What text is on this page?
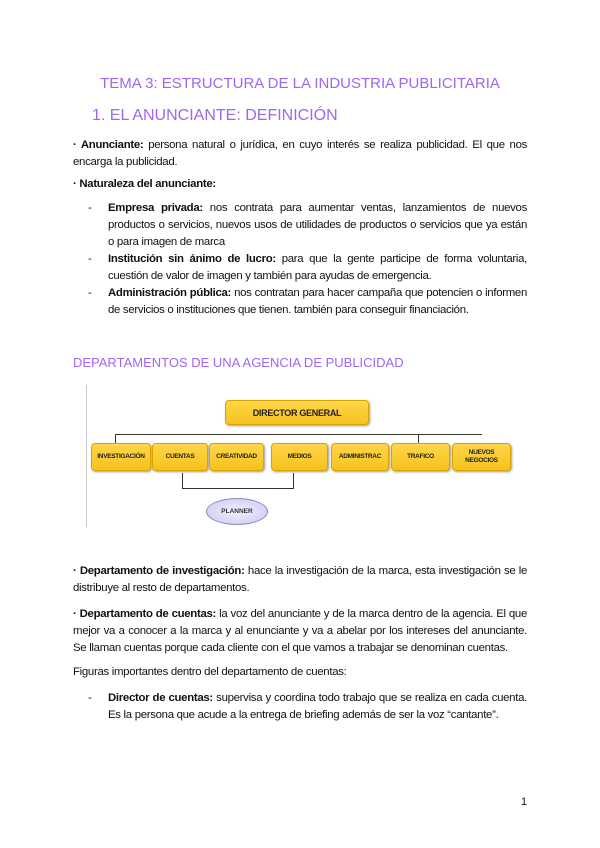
TEMA 3: ESTRUCTURA DE LA INDUSTRIA PUBLICITARIA
1. EL ANUNCIANTE: DEFINICIÓN
· Anunciante: persona natural o jurídica, en cuyo interés se realiza publicidad. El que nos encarga la publicidad.
· Naturaleza del anunciante:
- Empresa privada: nos contrata para aumentar ventas, lanzamientos de nuevos productos o servicios, nuevos usos de utilidades de productos o servicios que ya están o para imagen de marca
- Institución sin ánimo de lucro: para que la gente participe de forma voluntaria, cuestión de valor de imagen y también para ayudas de emergencia.
- Administración pública: nos contratan para hacer campaña que potencien o informen de servicios o instituciones que tienen. también para conseguir financiación.
DEPARTAMENTOS DE UNA AGENCIA DE PUBLICIDAD
DIRECTOR GENERAL
INVESTIGACIÓN	CUENTAS	CREATIVIDAD	MEDIOS	ADMINISTRAC	TRAFICO
NUEVOS NEGOCIOS
PLANNER
· Departamento de investigación: hace la investigación de la marca, esta investigación se le distribuye al resto de departamentos.
· Departamento de cuentas: la voz del anunciante y de la marca dentro de la agencia. El que mejor va a conocer a la marca y al enunciante y va a abelar por los intereses del anunciante. Se llaman cuentas porque cada cliente con el que vamos a trabajar se denominan cuentas.
Figuras importantes dentro del departamento de cuentas:
- Director de cuentas: supervisa y coordina todo trabajo que se realiza en cada cuenta. Es la persona que acude a la entrega de briefing además de ser la voz “cantante”.
1
